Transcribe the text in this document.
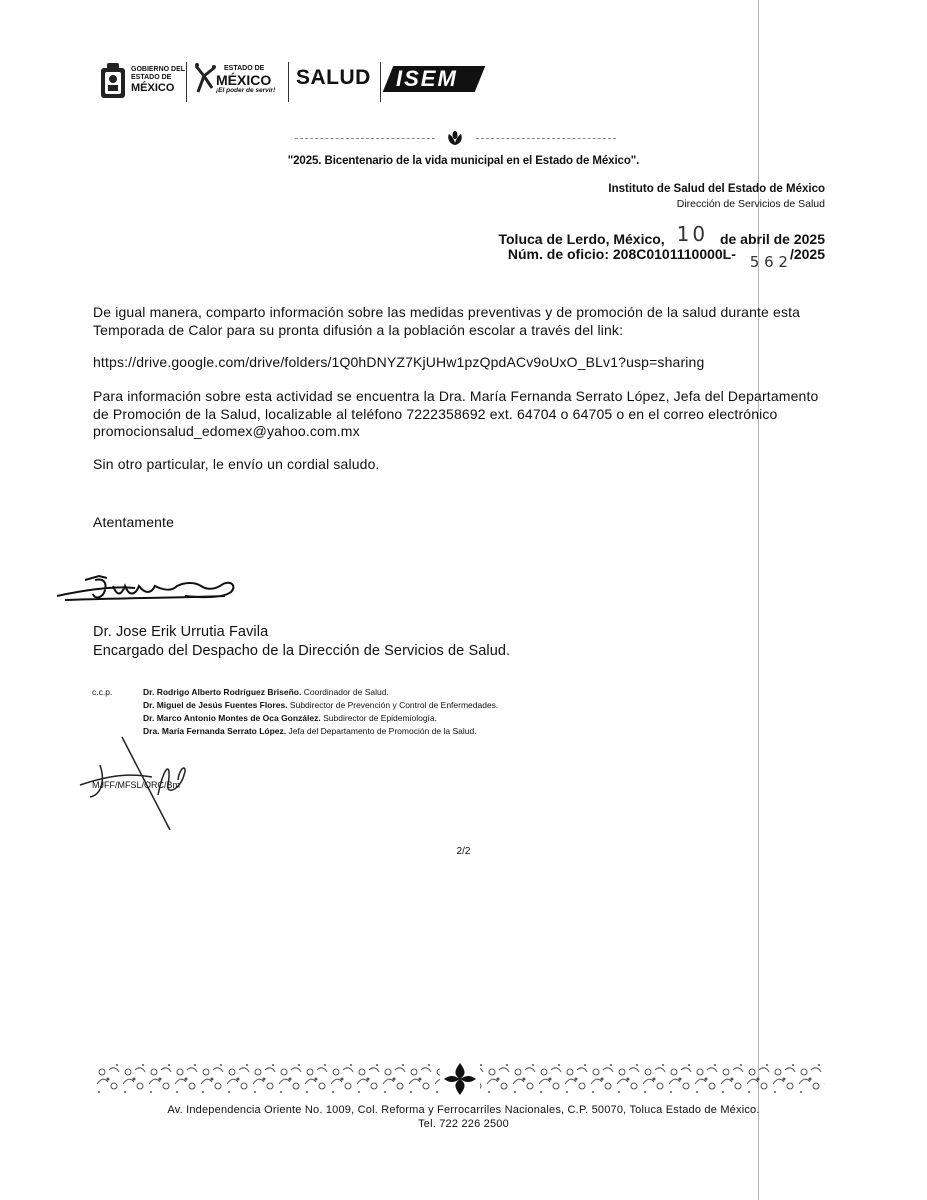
GOBIERNO DEL
ESTADO DE
MÉXICO
ESTADO DE
MÉXICO
¡El poder de servir!
SALUD ISEM
"2025. Bicentenario de la vida municipal en el Estado de México".
Instituto de Salud del Estado de México
Dirección de Servicios de Salud
Toluca de Lerdo, México, 10 de abril de 2025
Núm. de oficio: 208C0101110000L- 5 6 2 /2025
De igual manera, comparto información sobre las medidas preventivas y de promoción de la salud durante esta Temporada de Calor para su pronta difusión a la población escolar a través del link:
https://drive.google.com/drive/folders/1Q0hDNYZ7KjUHw1pzQpdACv9oUxO_BLv1?usp=sharing
Para información sobre esta actividad se encuentra la Dra. María Fernanda Serrato López, Jefa del Departamento de Promoción de la Salud, localizable al teléfono 7222358692 ext. 64704 o 64705 o en el correo electrónico promocionsalud_edomex@yahoo.com.mx
Sin otro particular, le envío un cordial saludo.
Atentamente
Dr. Jose Erik Urrutia Favila
Encargado del Despacho de la Dirección de Servicios de Salud.
c.c.p.	Dr. Rodrigo Alberto Rodríguez Briseño. Coordinador de Salud.
Dr. Miguel de Jesús Fuentes Flores. Subdirector de Prevención y Control de Enfermedades.
Dr. Marco Antonio Montes de Oca González. Subdirector de Epidemiología.
Dra. María Fernanda Serrato López. Jefa del Departamento de Promoción de la Salud.
MJFF/MFSL/ORC/Bm
2/2
Av. Independencia Oriente No. 1009, Col. Reforma y Ferrocarriles Nacionales, C.P. 50070, Toluca Estado de México.
Tel. 722 226 2500
